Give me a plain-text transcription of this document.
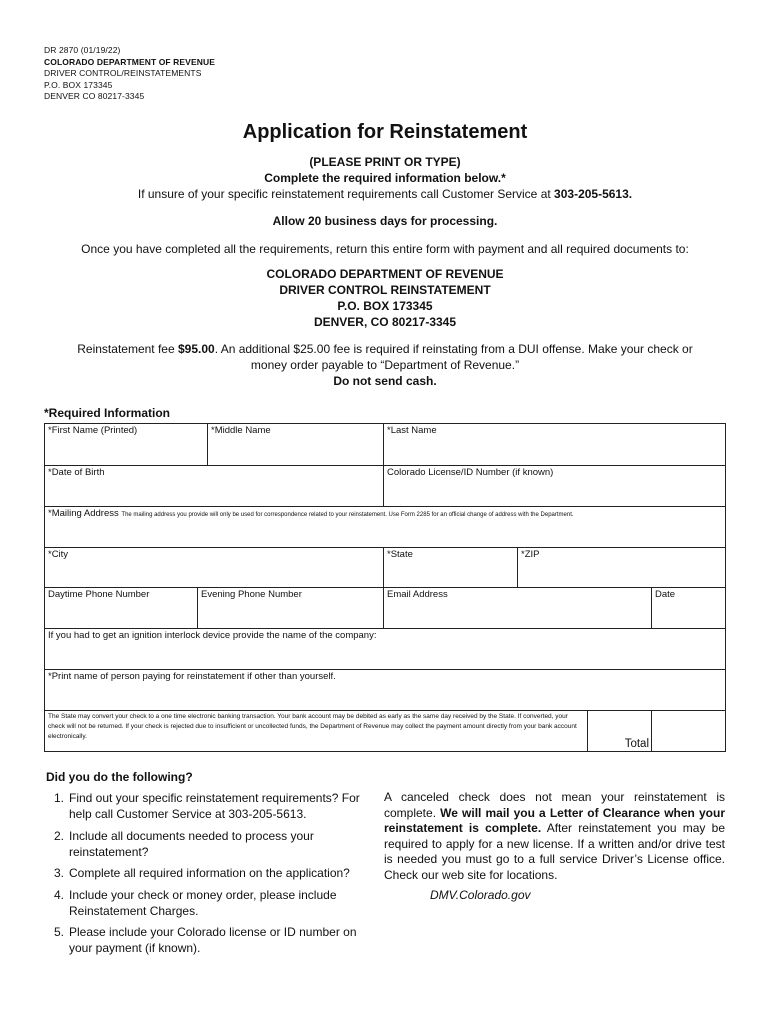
DR 2870 (01/19/22)
COLORADO DEPARTMENT OF REVENUE
DRIVER CONTROL/REINSTATEMENTS
P.O. BOX 173345
DENVER CO 80217-3345
Application for Reinstatement
(PLEASE PRINT OR TYPE)
Complete the required information below.*
If unsure of your specific reinstatement requirements call Customer Service at 303-205-5613.
Allow 20 business days for processing.
Once you have completed all the requirements, return this entire form with payment and all required documents to:
COLORADO DEPARTMENT OF REVENUE
DRIVER CONTROL REINSTATEMENT
P.O. BOX 173345
DENVER, CO 80217-3345
Reinstatement fee $95.00. An additional $25.00 fee is required if reinstating from a DUI offense. Make your check or
money order payable to “Department of Revenue.”
Do not send cash.
*Required Information
*First Name (Printed)		*Middle Name	*Last Name			
*Date of Birth			Colorado License/ID Number (if known)			
*Mailing Address The mailing address you provide will only be used for correspondence related to your reinstatement. Use Form 2285 for an official change of address with the Department.						
*City			*State	*ZIP		
Daytime Phone Number	Evening Phone Number		Email Address			Date
If you had to get an ignition interlock device provide the name of the company:						
*Print name of person paying for reinstatement if other than yourself.						
The State may convert your check to a one time electronic banking transaction. Your bank account may be debited as early as the same day received by the State. If converted, your check will not be returned. If your check is rejected due to insufficient or uncollected funds, the Department of Revenue may collect the payment amount directly from your bank account electronically.					Total	
Did you do the following?
1. Find out your specific reinstatement requirements? For help call Customer Service at 303-205-5613.
2. Include all documents needed to process your reinstatement?
3. Complete all required information on the application?
4. Include your check or money order, please include Reinstatement Charges.
5. Please include your Colorado license or ID number on your payment (if known).
A canceled check does not mean your reinstatement is complete. We will mail you a Letter of Clearance when your reinstatement is complete. After reinstatement you may be required to apply for a new license. If a written and/or drive test is needed you must go to a full service Driver’s License office. Check our web site for locations.
DMV.Colorado.gov
